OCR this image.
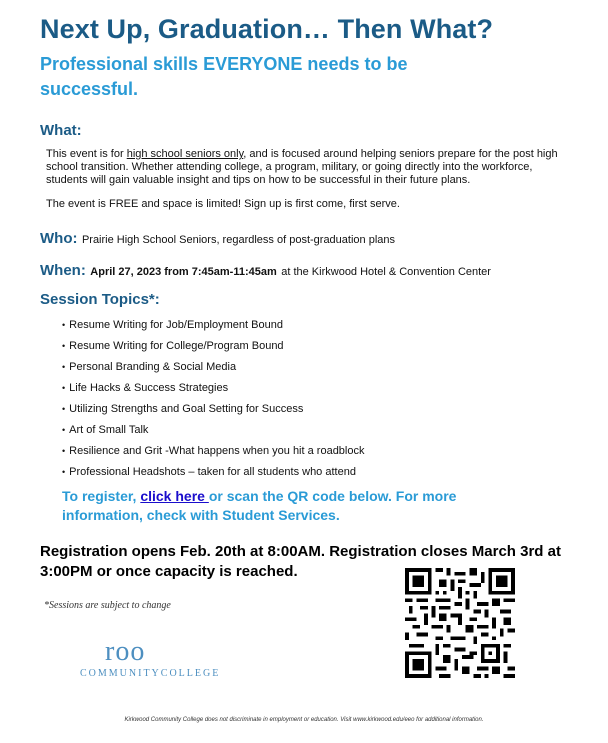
Next Up, Graduation… Then What?
Professional skills EVERYONE needs to be successful.
What:
This event is for high school seniors only, and is focused around helping seniors prepare for the post high school transition. Whether attending college, a program, military, or going directly into the workforce, students will gain valuable insight and tips on how to be successful in their future plans.
The event is FREE and space is limited! Sign up is first come, first serve.
Who: Prairie High School Seniors, regardless of post-graduation plans
When: April 27, 2023 from 7:45am-11:45am at the Kirkwood Hotel & Convention Center
Session Topics*:
• Resume Writing for Job/Employment Bound
• Resume Writing for College/Program Bound
• Personal Branding & Social Media
• Life Hacks & Success Strategies
• Utilizing Strengths and Goal Setting for Success
• Art of Small Talk
• Resilience and Grit -What happens when you hit a roadblock
• Professional Headshots – taken for all students who attend
To register, click here or scan the QR code below. For more information, check with Student Services.
Registration opens Feb. 20th at 8:00AM. Registration closes March 3rd at 3:00PM or once capacity is reached.
*Sessions are subject to change
roo
COMMUNITYCOLLEGE
Kirkwood Community College does not discriminate in employment or education. Visit www.kirkwood.edu/eeo for additional information.
